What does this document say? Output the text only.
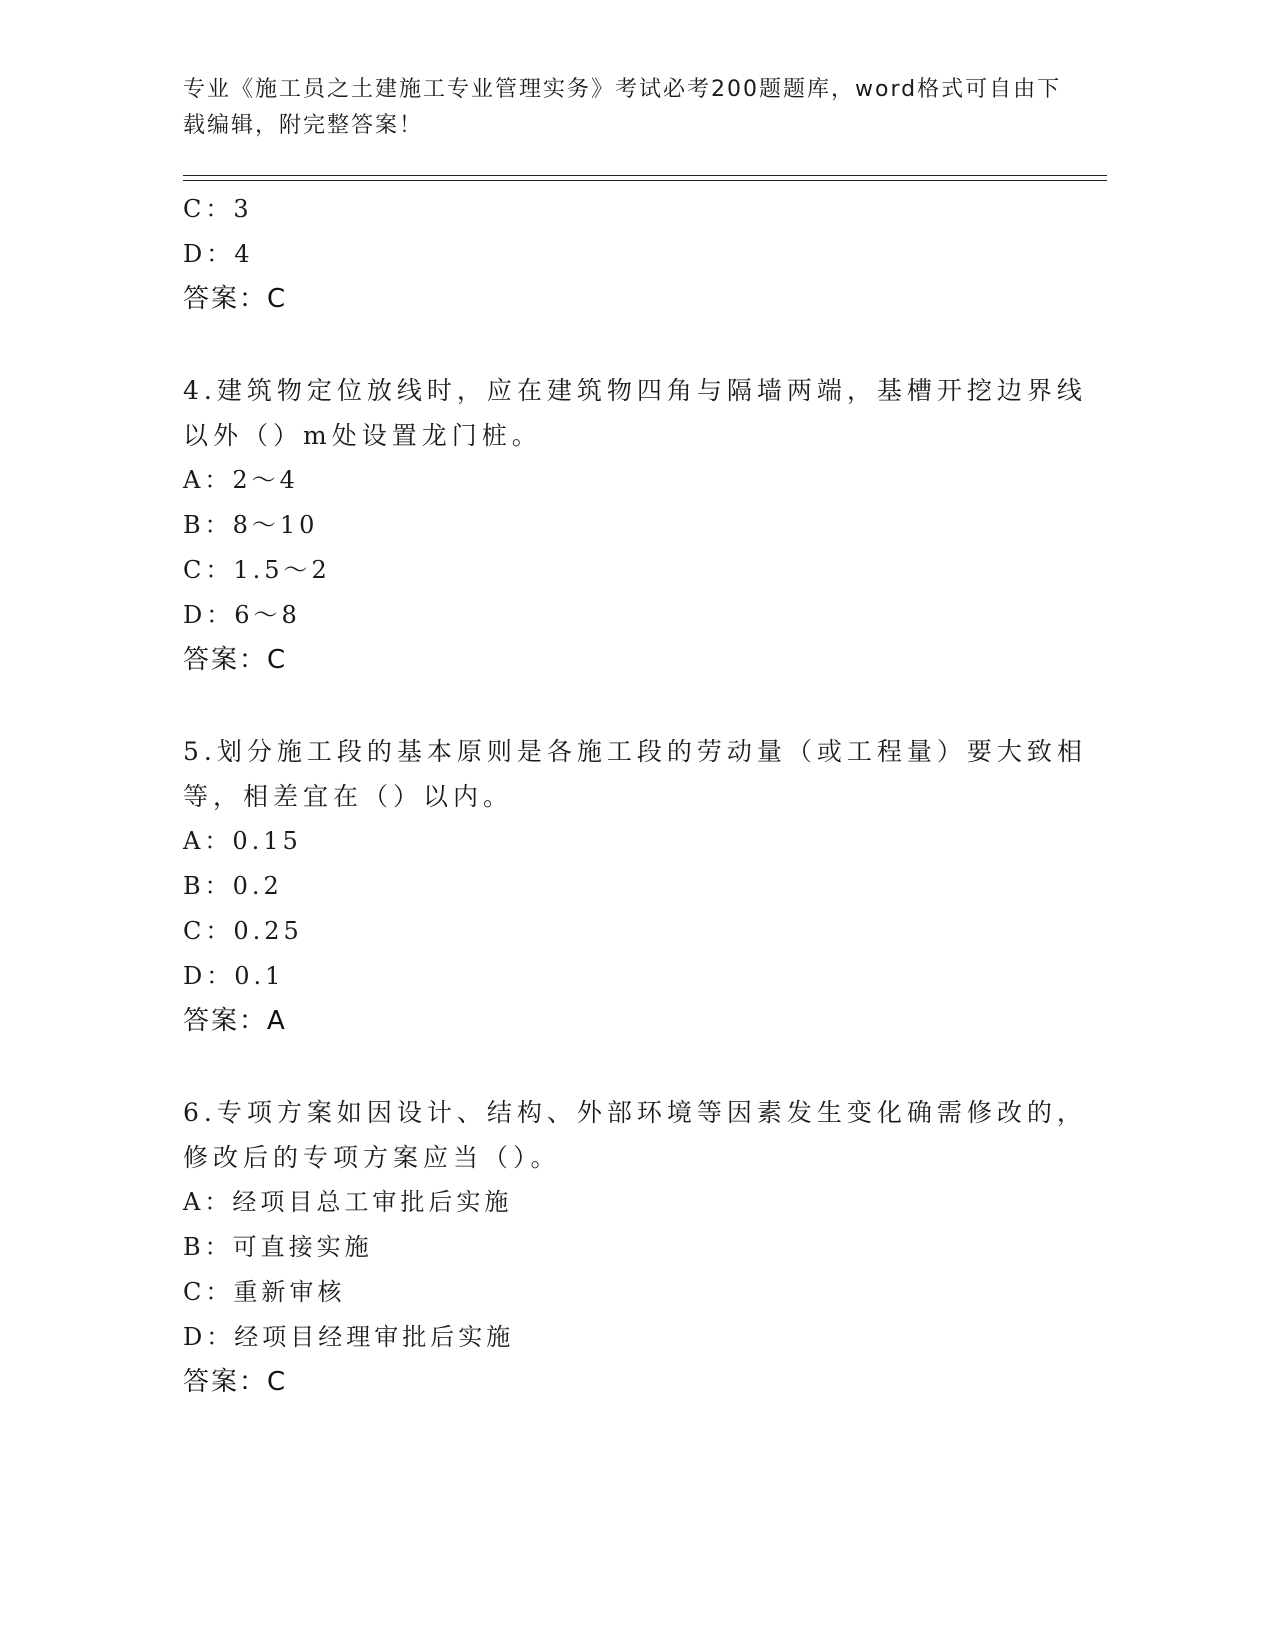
专业《施工员之土建施工专业管理实务》考试必考200题题库，word格式可自由下载编辑，附完整答案！
C：3
D：4
答案：C
4.建筑物定位放线时，应在建筑物四角与隔墙两端，基槽开挖边界线
以外（）m处设置龙门桩。
A：2～4
B：8～10
C：1.5～2
D：6～8
答案：C
5.划分施工段的基本原则是各施工段的劳动量（或工程量）要大致相
等，相差宜在（）以内。
A：0.15
B：0.2
C：0.25
D：0.1
答案：A
6.专项方案如因设计、结构、外部环境等因素发生变化确需修改的，
修改后的专项方案应当（）。
A：经项目总工审批后实施
B：可直接实施
C：重新审核
D：经项目经理审批后实施
答案：C
